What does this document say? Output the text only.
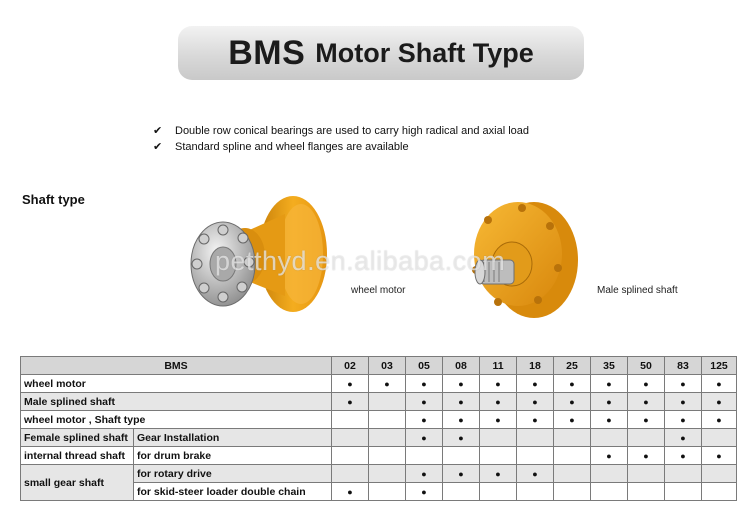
BMS Motor Shaft Type
✔	Double row conical bearings are used to carry high radical and axial load
✔	Standard spline and wheel flanges are available
Shaft type
wheel motor	Male splined shaft
petthyd.en.alibaba.com
BMS		02	03	05	08	11	18	25	35	50	83	125
wheel motor		●	●	●	●	●	●	●	●	●	●	●
Male splined shaft		●		●	●	●	●	●	●	●	●	●
wheel motor , Shaft type				●	●	●	●	●	●	●	●	●
Female splined shaft	Gear Installation			●	●						●	
internal thread shaft	for drum brake								●	●	●	●
small gear shaft	for rotary drive			●	●	●	●					
	for skid-steer loader double chain	●		●								
